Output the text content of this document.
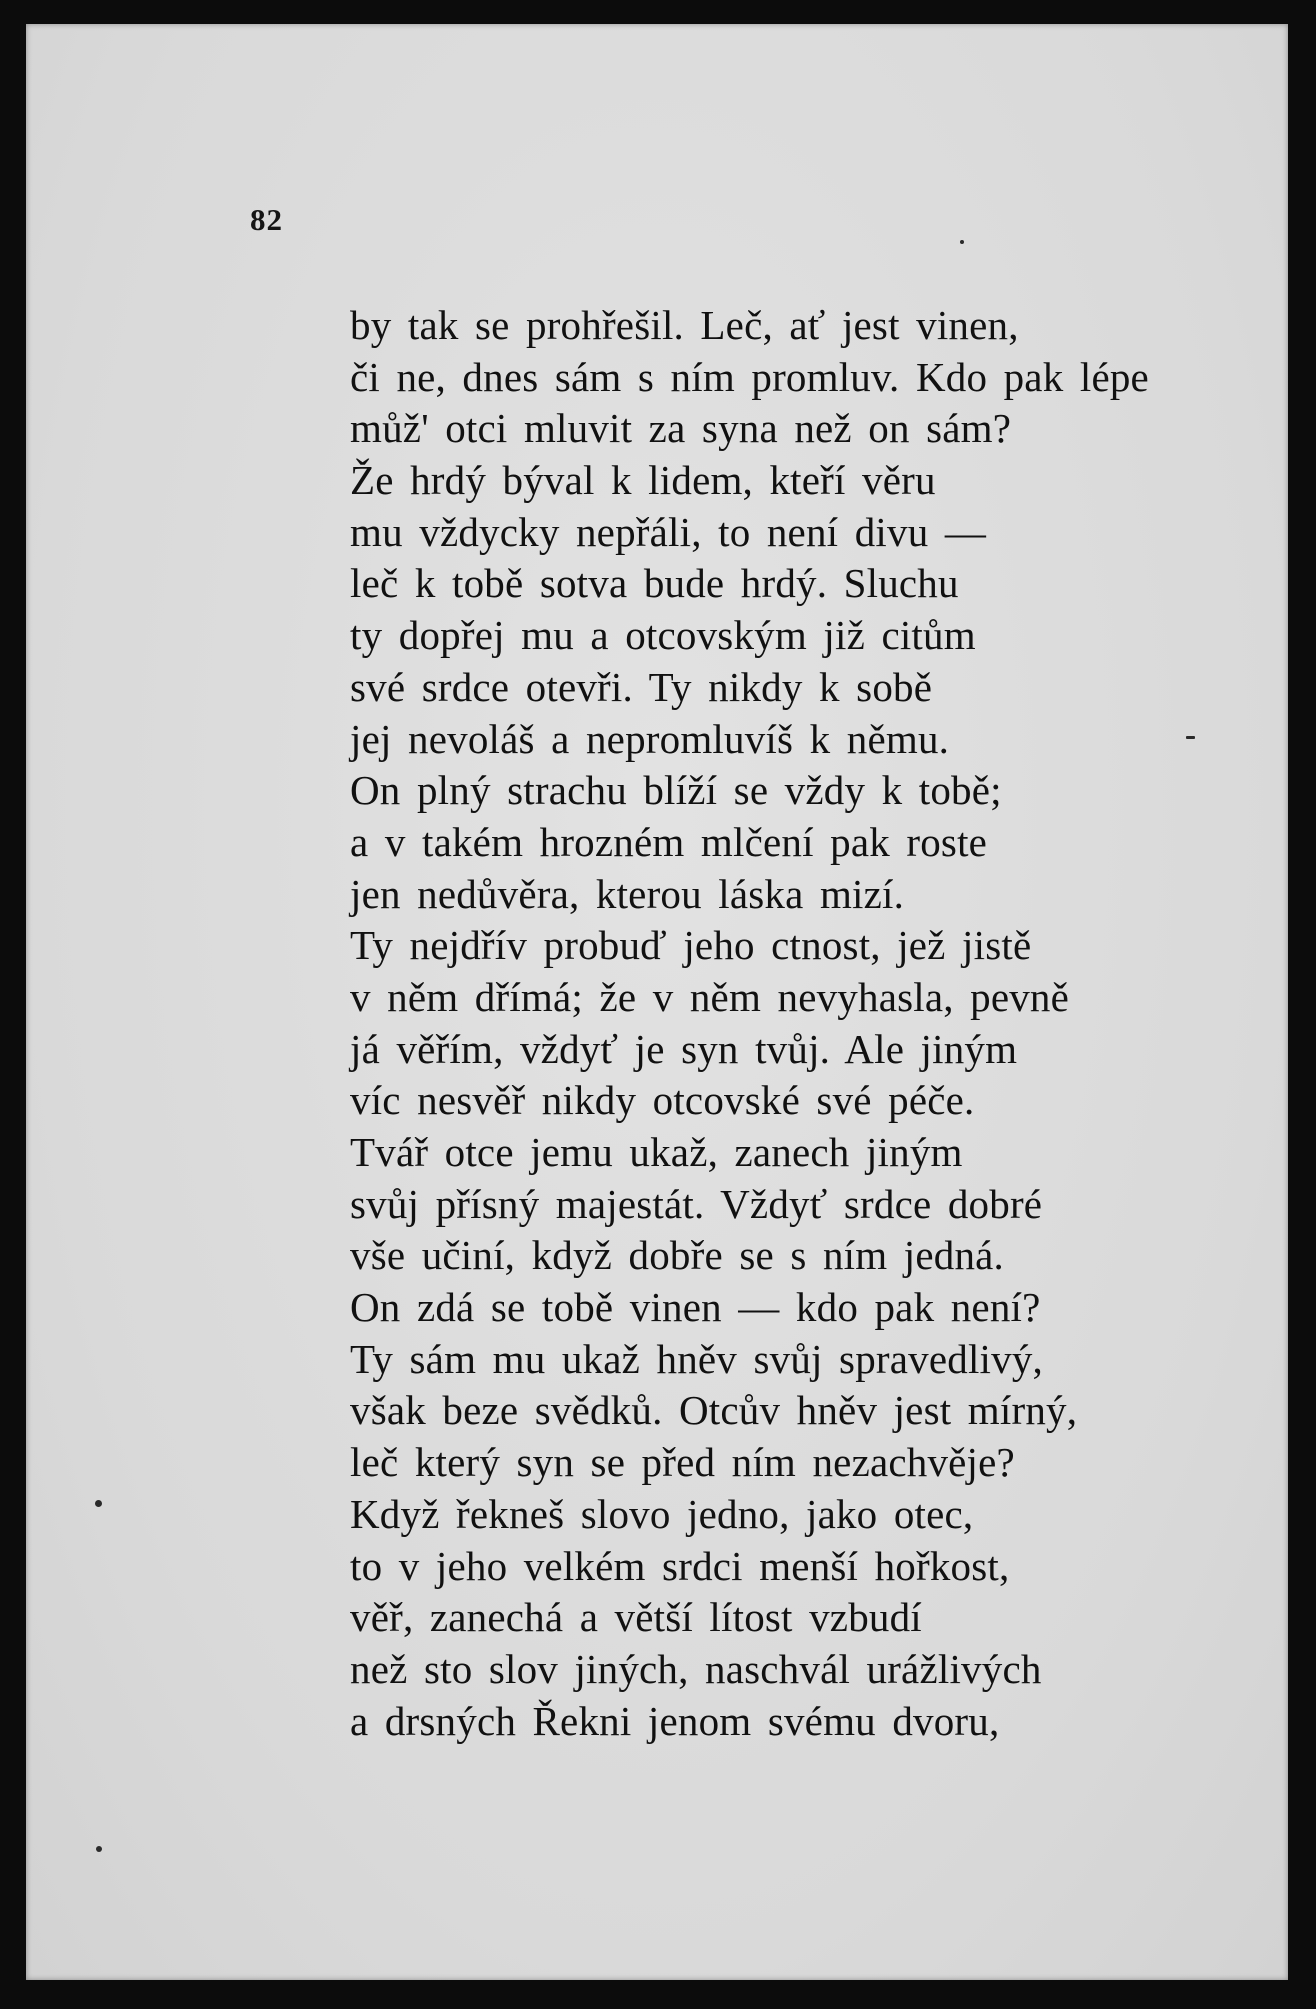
82
by tak se prohřešil. Leč, ať jest vinen,
či ne, dnes sám s ním promluv. Kdo pak lépe
můž' otci mluvit za syna než on sám?
Že hrdý býval k lidem, kteří věru
mu vždycky nepřáli, to není divu —
leč k tobě sotva bude hrdý. Sluchu
ty dopřej mu a otcovským již citům
své srdce otevři. Ty nikdy k sobě
jej nevoláš a nepromluvíš k němu.
On plný strachu blíží se vždy k tobě;
a v takém hrozném mlčení pak roste
jen nedůvěra, kterou láska mizí.
Ty nejdřív probuď jeho ctnost, jež jistě
v něm dřímá; že v něm nevyhasla, pevně
já věřím, vždyť je syn tvůj. Ale jiným
víc nesvěř nikdy otcovské své péče.
Tvář otce jemu ukaž, zanech jiným
svůj přísný majestát. Vždyť srdce dobré
vše učiní, když dobře se s ním jedná.
On zdá se tobě vinen — kdo pak není?
Ty sám mu ukaž hněv svůj spravedlivý,
však beze svědků. Otcův hněv jest mírný,
leč který syn se před ním nezachvěje?
Když řekneš slovo jedno, jako otec,
to v jeho velkém srdci menší hořkost,
věř, zanechá a větší lítost vzbudí
než sto slov jiných, naschvál urážlivých
a drsných Řekni jenom svému dvoru,
